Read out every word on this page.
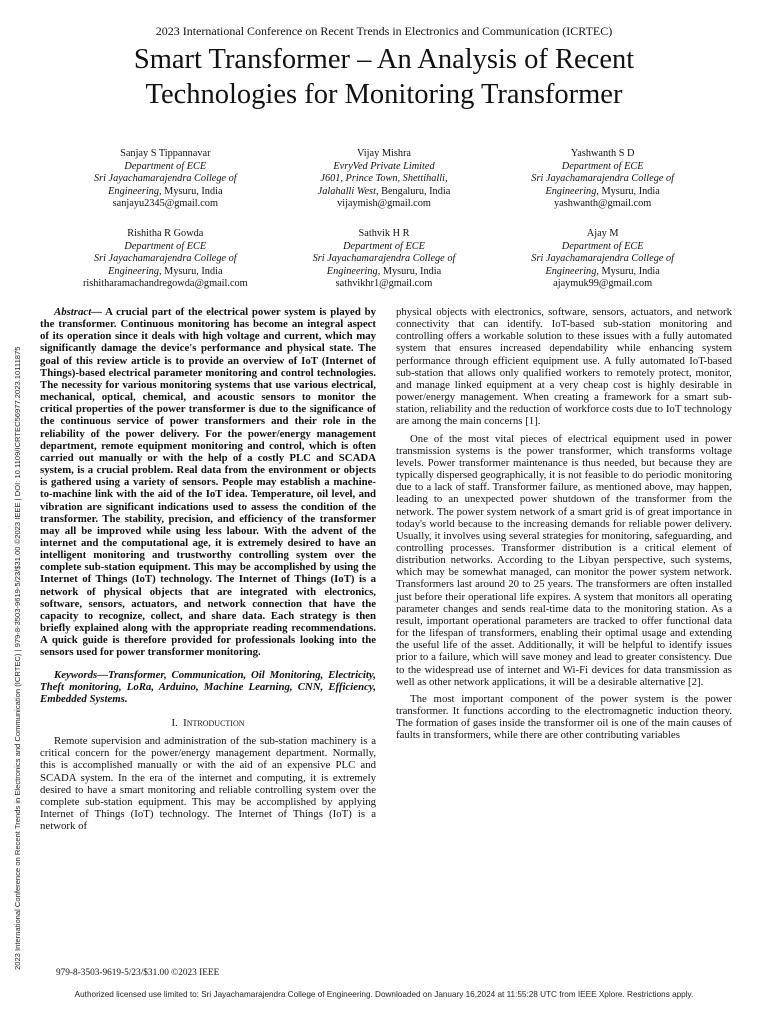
2023 International Conference on Recent Trends in Electronics and Communication (ICRTEC) | 979-8-3503-9619-5/23/$31.00 ©2023 IEEE | DOI: 10.1109/ICRTEC56977.2023.10111875
2023 International Conference on Recent Trends in Electronics and Communication (ICRTEC)
Smart Transformer – An Analysis of Recent
Technologies for Monitoring Transformer
Sanjay S Tippannavar
Department of ECE
Sri Jayachamarajendra College of
Engineering, Mysuru, India
sanjayu2345@gmail.com
Vijay Mishra
EvryVed Private Limited
J601, Prince Town, Shettihalli,
Jalahalli West, Bengaluru, India
vijaymish@gmail.com
Yashwanth S D
Department of ECE
Sri Jayachamarajendra College of
Engineering, Mysuru, India
yashwanth@gmail.com
Rishitha R Gowda
Department of ECE
Sri Jayachamarajendra College of
Engineering, Mysuru, India
rishitharamachandregowda@gmail.com
Sathvik H R
Department of ECE
Sri Jayachamarajendra College of
Engineering, Mysuru, India
sathvikhr1@gmail.com
Ajay M
Department of ECE
Sri Jayachamarajendra College of
Engineering, Mysuru, India
ajaymuk99@gmail.com

Abstract— A crucial part of the electrical power system is played by the transformer. Continuous monitoring has become an integral aspect of its operation since it deals with high voltage and current, which may significantly damage the device's performance and physical state. The goal of this review article is to provide an overview of IoT (Internet of Things)-based electrical parameter monitoring and control technologies. The necessity for various monitoring systems that use various electrical, mechanical, optical, chemical, and acoustic sensors to monitor the critical properties of the power transformer is due to the significance of the continuous service of power transformers and their role in the reliability of the power delivery. For the power/energy management department, remote equipment monitoring and control, which is often carried out manually or with the help of a costly PLC and SCADA system, is a crucial problem. Real data from the environment or objects is gathered using a variety of sensors. People may establish a machine-to-machine link with the aid of the IoT idea. Temperature, oil level, and vibration are significant indications used to assess the condition of the transformer. The stability, precision, and efficiency of the transformer may all be improved while using less labour. With the advent of the internet and the computational age, it is extremely desired to have an intelligent monitoring and trustworthy controlling system over the complete sub-station equipment. This may be accomplished by using the Internet of Things (IoT) technology. The Internet of Things (IoT) is a network of physical objects that are integrated with electronics, software, sensors, actuators, and network connection that have the capacity to recognize, collect, and share data. Each strategy is then briefly explained along with the appropriate reading recommendations. A quick guide is therefore provided for professionals looking into the sensors used for power transformer monitoring.

Keywords—Transformer, Communication, Oil Monitoring, Electricity, Theft monitoring, LoRa, Arduino, Machine Learning, CNN, Efficiency, Embedded Systems.

I. Introduction

Remote supervision and administration of the sub-station machinery is a critical concern for the power/energy management department. Normally, this is accomplished manually or with the aid of an expensive PLC and SCADA system. In the era of the internet and computing, it is extremely desired to have a smart monitoring and reliable controlling system over the complete sub-station equipment. This may be accomplished by applying Internet of Things (IoT) technology. The Internet of Things (IoT) is a network of

physical objects with electronics, software, sensors, actuators, and network connectivity that can identify. IoT-based sub-station monitoring and controlling offers a workable solution to these issues with a fully automated system that ensures increased dependability while enhancing system performance through efficient equipment use. A fully automated IoT-based sub-station that allows only qualified workers to remotely protect, monitor, and manage linked equipment at a very cheap cost is highly desirable in power/energy management. When creating a framework for a smart sub-station, reliability and the reduction of workforce costs due to IoT technology are among the main concerns [1].

One of the most vital pieces of electrical equipment used in power transmission systems is the power transformer, which transforms voltage levels. Power transformer maintenance is thus needed, but because they are typically dispersed geographically, it is not feasible to do periodic monitoring due to a lack of staff. Transformer failure, as mentioned above, may happen, leading to an unexpected power shutdown of the transformer from the network. The power system network of a smart grid is of great importance in today's world because to the increasing demands for reliable power delivery. Usually, it involves using several strategies for monitoring, safeguarding, and controlling processes. Transformer distribution is a critical element of distribution networks. According to the Libyan perspective, such systems, which may be somewhat managed, can monitor the power system network. Transformers last around 20 to 25 years. The transformers are often installed just before their operational life expires. A system that monitors all operating parameter changes and sends real-time data to the monitoring station. As a result, important operational parameters are tracked to offer functional data for the lifespan of transformers, enabling their optimal usage and extending the useful life of the asset. Additionally, it will be helpful to identify issues prior to a failure, which will save money and lead to greater consistency. Due to the widespread use of internet and Wi-Fi devices for data transmission as well as other network applications, it will be a desirable alternative [2].

The most important component of the power system is the power transformer. It functions according to the electromagnetic induction theory. The formation of gases inside the transformer oil is one of the main causes of faults in transformers, while there are other contributing variables

979-8-3503-9619-5/23/$31.00 ©2023 IEEE
Authorized licensed use limited to: Sri Jayachamarajendra College of Engineering. Downloaded on January 16,2024 at 11:55:28 UTC from IEEE Xplore. Restrictions apply.
